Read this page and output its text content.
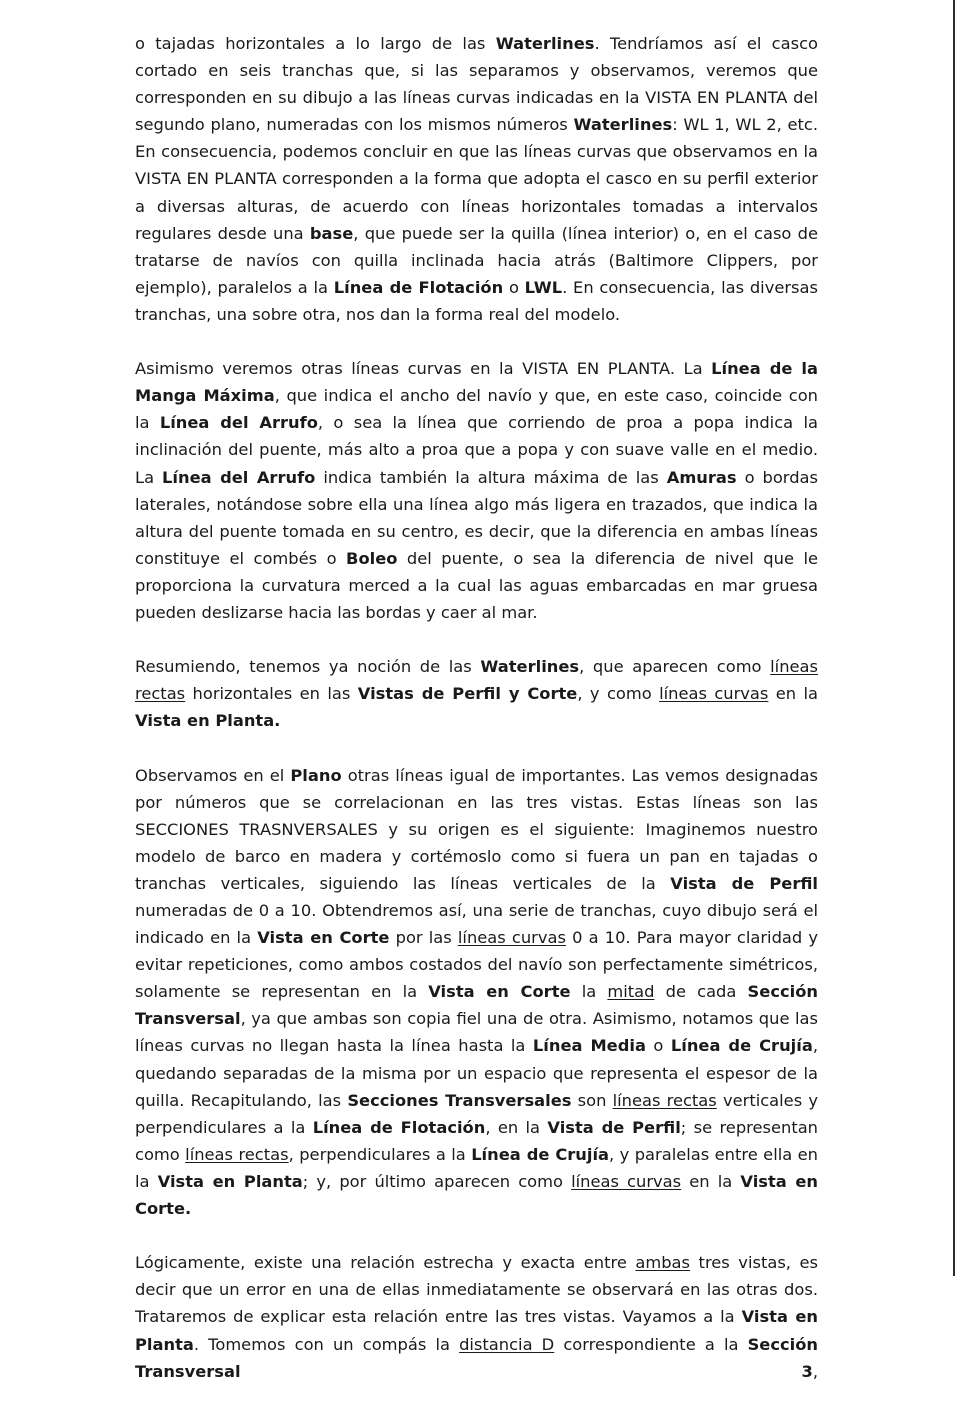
o tajadas horizontales a lo largo de las Waterlines. Tendríamos así el casco cortado en seis tranchas que, si las separamos y observamos, veremos que corresponden en su dibujo a las líneas curvas indicadas en la VISTA EN PLANTA del segundo plano, numeradas con los mismos números Waterlines: WL 1, WL 2, etc. En consecuencia, podemos concluir en que las líneas curvas que observamos en la VISTA EN PLANTA corresponden a la forma que adopta el casco en su perfil exterior a diversas alturas, de acuerdo con líneas horizontales tomadas a intervalos regulares desde una base, que puede ser la quilla (línea interior) o, en el caso de tratarse de navíos con quilla inclinada hacia atrás (Baltimore Clippers, por ejemplo), paralelos a la Línea de Flotación o LWL. En consecuencia, las diversas tranchas, una sobre otra, nos dan la forma real del modelo.

Asimismo veremos otras líneas curvas en la VISTA EN PLANTA. La Línea de la Manga Máxima, que indica el ancho del navío y que, en este caso, coincide con la Línea del Arrufo, o sea la línea que corriendo de proa a popa indica la inclinación del puente, más alto a proa que a popa y con suave valle en el medio. La Línea del Arrufo indica también la altura máxima de las Amuras o bordas laterales, notándose sobre ella una línea algo más ligera en trazados, que indica la altura del puente tomada en su centro, es decir, que la diferencia en ambas líneas constituye el combés o Boleo del puente, o sea la diferencia de nivel que le proporciona la curvatura merced a la cual las aguas embarcadas en mar gruesa pueden deslizarse hacia las bordas y caer al mar.

Resumiendo, tenemos ya noción de las Waterlines, que aparecen como líneas rectas horizontales en las Vistas de Perfil y Corte, y como líneas curvas en la Vista en Planta.

Observamos en el Plano otras líneas igual de importantes. Las vemos designadas por números que se correlacionan en las tres vistas. Estas líneas son las SECCIONES TRASNVERSALES y su origen es el siguiente: Imaginemos nuestro modelo de barco en madera y cortémoslo como si fuera un pan en tajadas o tranchas verticales, siguiendo las líneas verticales de la Vista de Perfil numeradas de 0 a 10. Obtendremos así, una serie de tranchas, cuyo dibujo será el indicado en la Vista en Corte por las líneas curvas 0 a 10. Para mayor claridad y evitar repeticiones, como ambos costados del navío son perfectamente simétricos, solamente se representan en la Vista en Corte la mitad de cada Sección Transversal, ya que ambas son copia fiel una de otra. Asimismo, notamos que las líneas curvas no llegan hasta la línea hasta la Línea Media o Línea de Crujía, quedando separadas de la misma por un espacio que representa el espesor de la quilla. Recapitulando, las Secciones Transversales son líneas rectas verticales y perpendiculares a la Línea de Flotación, en la Vista de Perfil; se representan como líneas rectas, perpendiculares a la Línea de Crujía, y paralelas entre ella en la Vista en Planta; y, por último aparecen como líneas curvas en la Vista en Corte.

Lógicamente, existe una relación estrecha y exacta entre ambas tres vistas, es decir que un error en una de ellas inmediatamente se observará en las otras dos. Trataremos de explicar esta relación entre las tres vistas. Vayamos a la Vista en Planta. Tomemos con un compás la distancia D correspondiente a la Sección Transversal 3,
